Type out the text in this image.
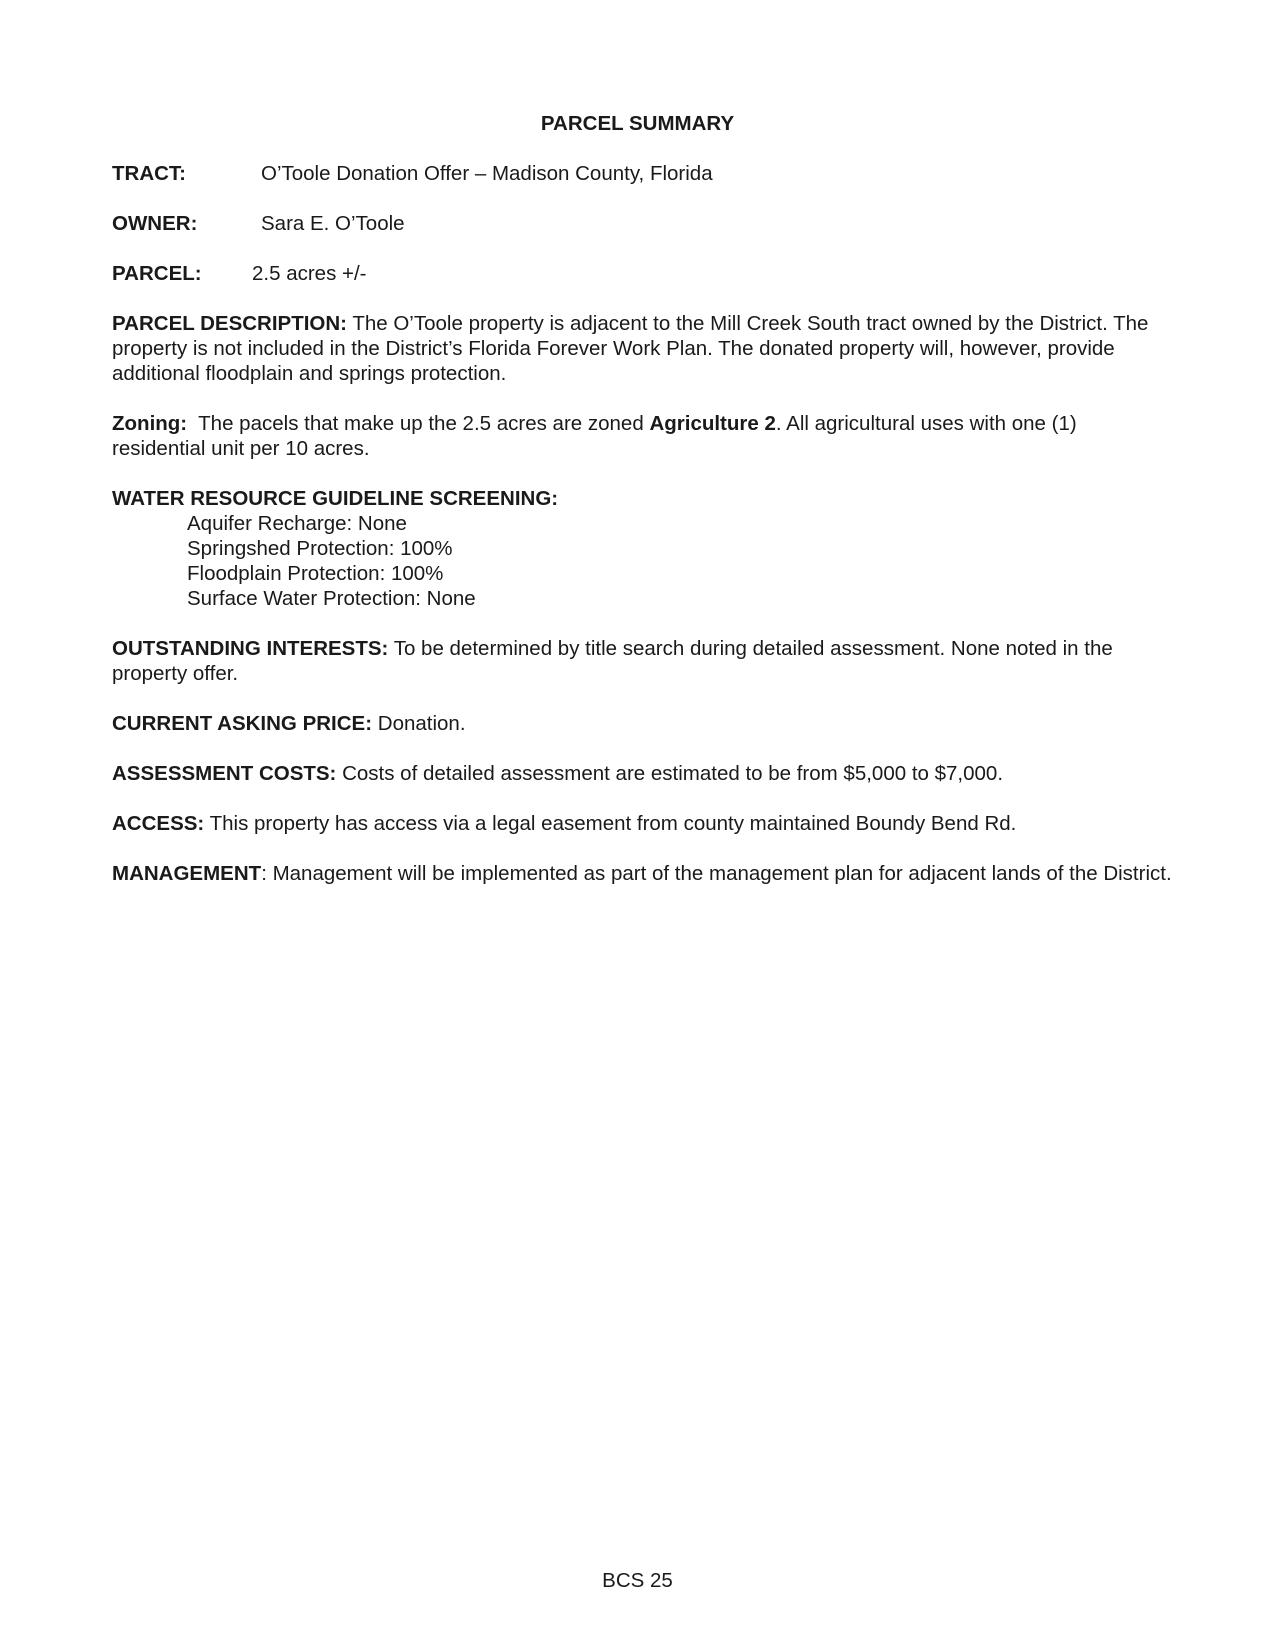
PARCEL SUMMARY
TRACT:	O’Toole Donation Offer – Madison County, Florida
OWNER:	Sara E. O’Toole
PARCEL: 2.5 acres +/-
PARCEL DESCRIPTION: The O’Toole property is adjacent to the Mill Creek South tract owned by the District. The property is not included in the District’s Florida Forever Work Plan. The donated property will, however, provide additional floodplain and springs protection.
Zoning:  The pacels that make up the 2.5 acres are zoned Agriculture 2. All agricultural uses with one (1) residential unit per 10 acres.
WATER RESOURCE GUIDELINE SCREENING:
Aquifer Recharge: None
Springshed Protection: 100%
Floodplain Protection: 100%
Surface Water Protection: None
OUTSTANDING INTERESTS: To be determined by title search during detailed assessment. None noted in the property offer.
CURRENT ASKING PRICE: Donation.
ASSESSMENT COSTS: Costs of detailed assessment are estimated to be from $5,000 to $7,000.
ACCESS: This property has access via a legal easement from county maintained Boundy Bend Rd.
MANAGEMENT: Management will be implemented as part of the management plan for adjacent lands of the District.
BCS 25
